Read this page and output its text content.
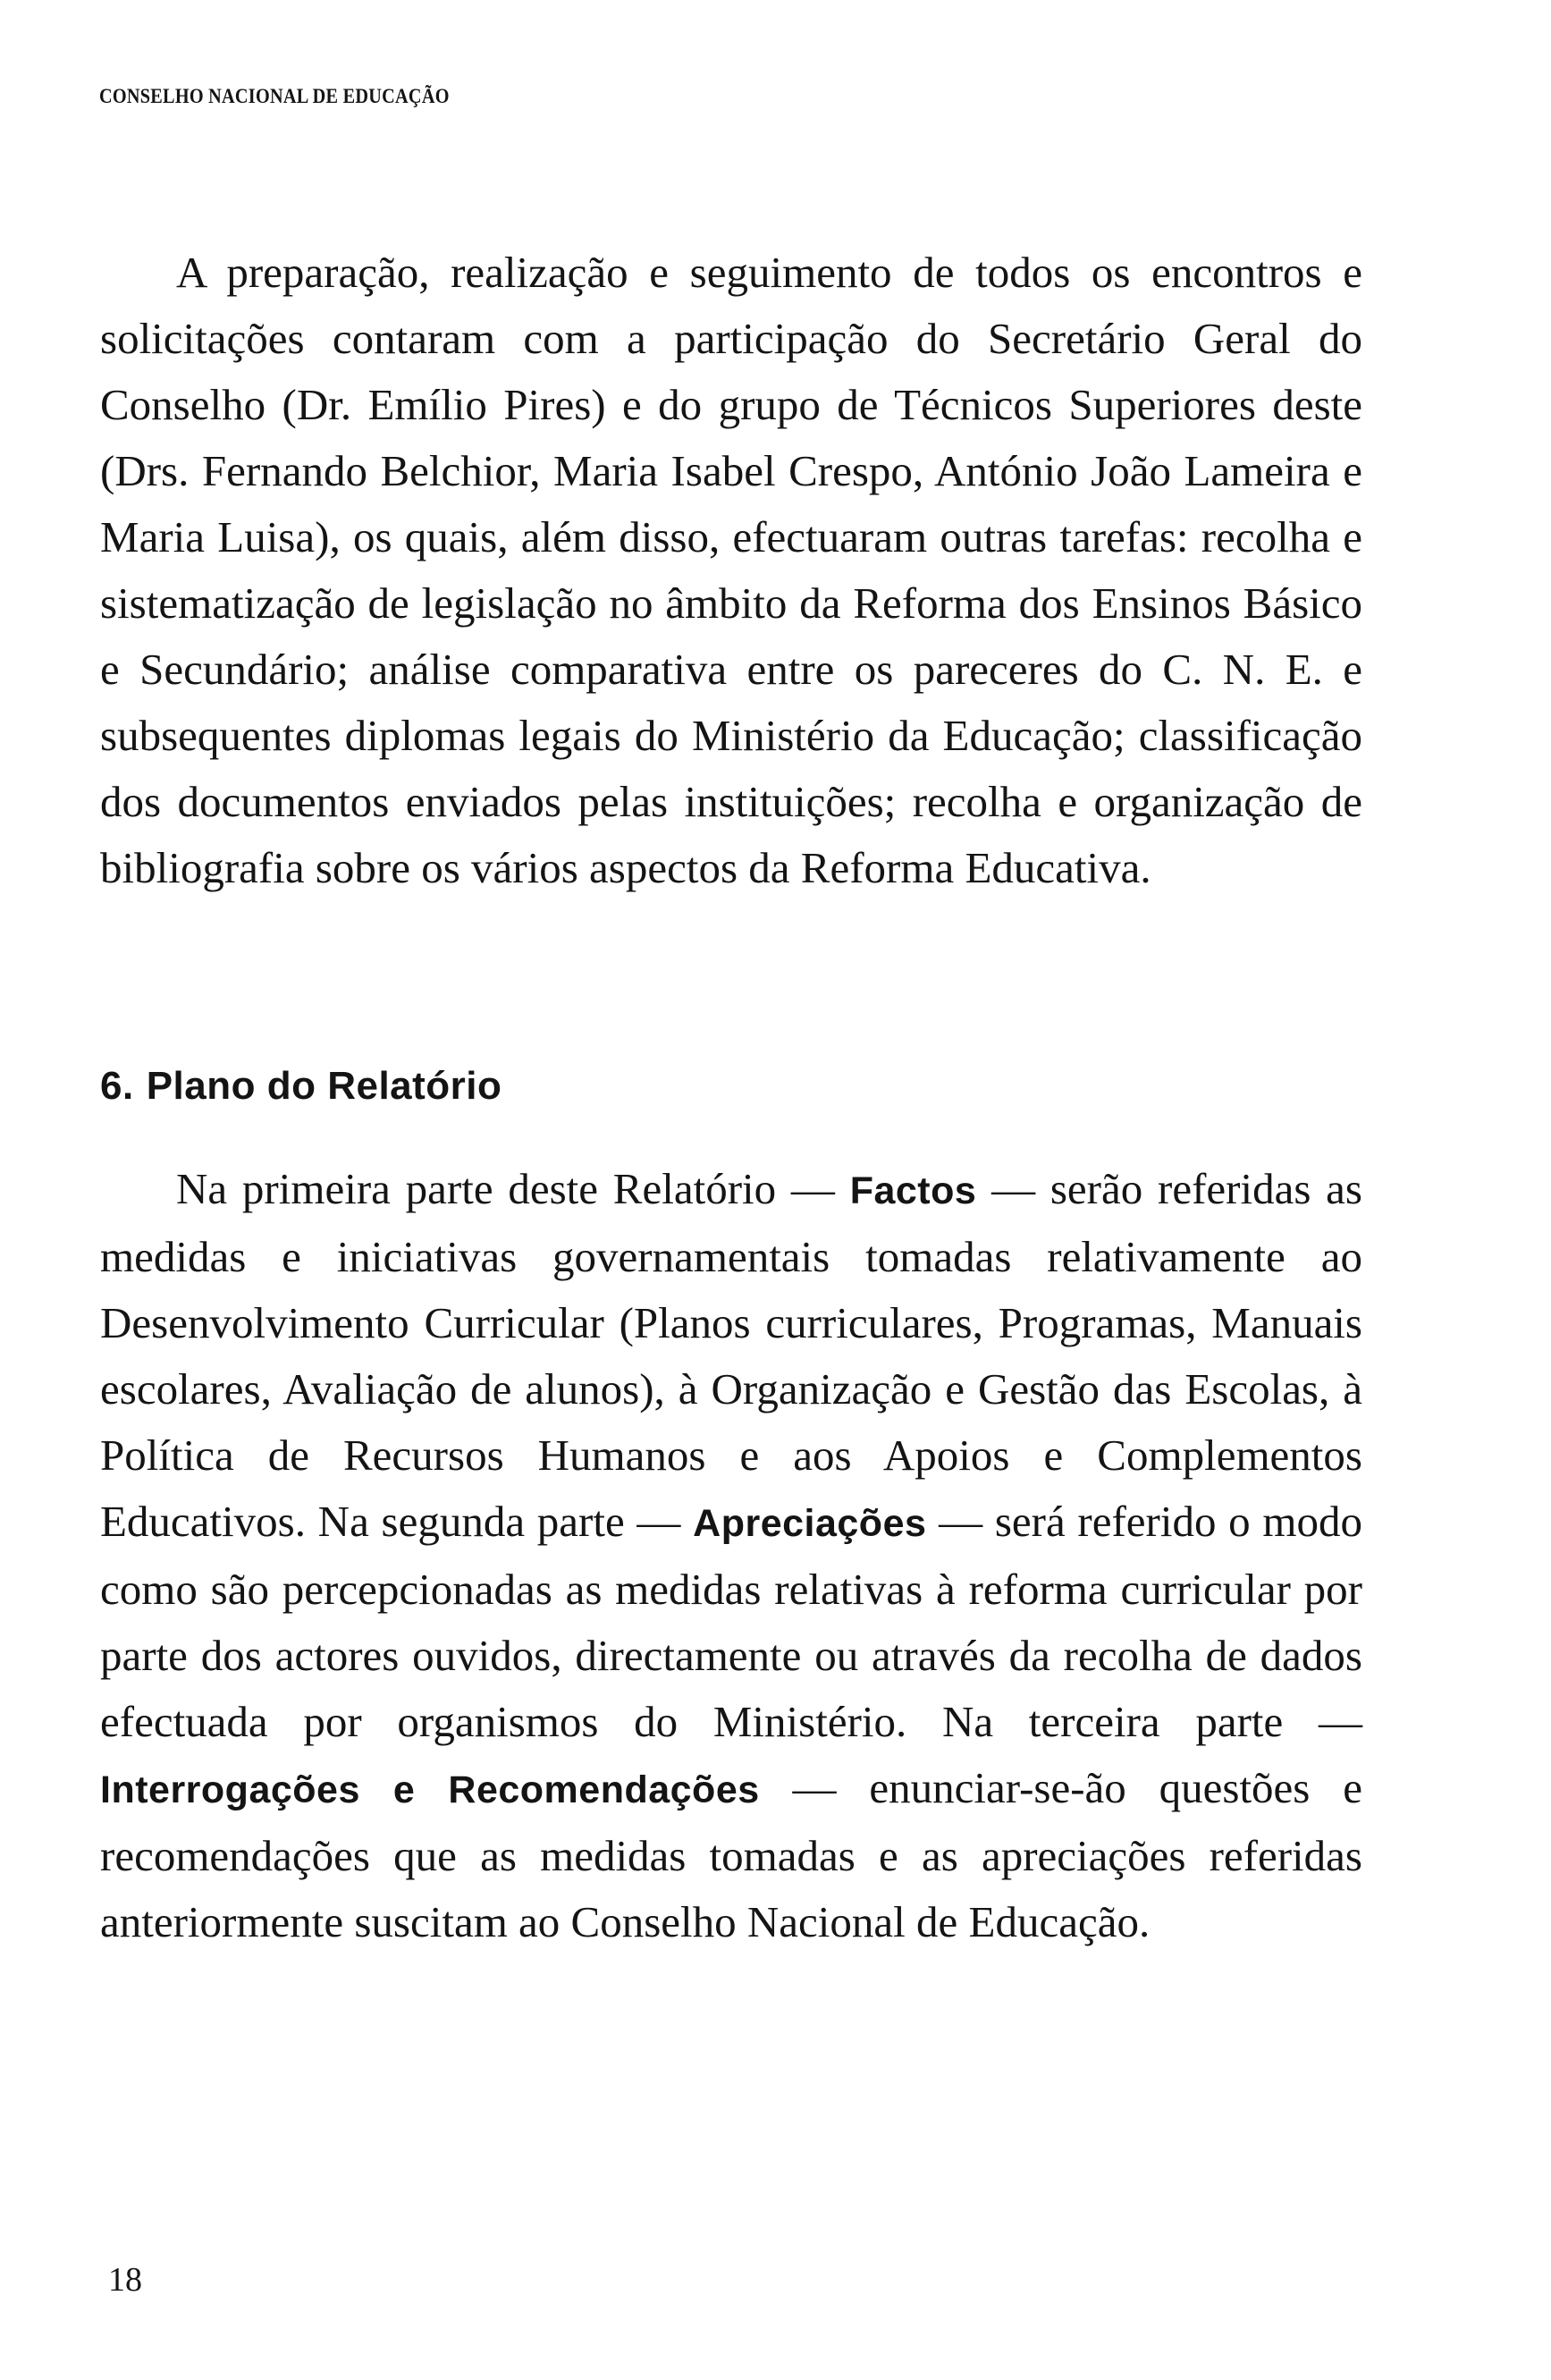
CONSELHO NACIONAL DE EDUCAÇÃO

A preparação, realização e seguimento de todos os encontros e solicitações contaram com a participação do Secretário Geral do Conselho (Dr. Emílio Pires) e do grupo de Técnicos Superiores deste (Drs. Fernando Belchior, Maria Isabel Crespo, António João Lameira e Maria Luisa), os quais, além disso, efectuaram outras tarefas: recolha e sistematização de legislação no âmbito da Reforma dos Ensinos Básico e Secundário; análise comparativa entre os pareceres do C. N. E. e subsequentes diplomas legais do Ministério da Educação; classificação dos documentos enviados pelas instituições; recolha e organização de bibliografia sobre os vários aspectos da Reforma Educativa.

6. Plano do Relatório

Na primeira parte deste Relatório — Factos — serão referidas as medidas e iniciativas governamentais tomadas relativamente ao Desenvolvimento Curricular (Planos curriculares, Programas, Manuais escolares, Avaliação de alunos), à Organização e Gestão das Escolas, à Política de Recursos Humanos e aos Apoios e Complementos Educativos. Na segunda parte — Apreciações — será referido o modo como são percepcionadas as medidas relativas à reforma curricular por parte dos actores ouvidos, directamente ou através da recolha de dados efectuada por organismos do Ministério. Na terceira parte — Interrogações e Recomendações — enunciar-se-ão questões e recomendações que as medidas tomadas e as apreciações referidas anteriormente suscitam ao Conselho Nacional de Educação.

18
